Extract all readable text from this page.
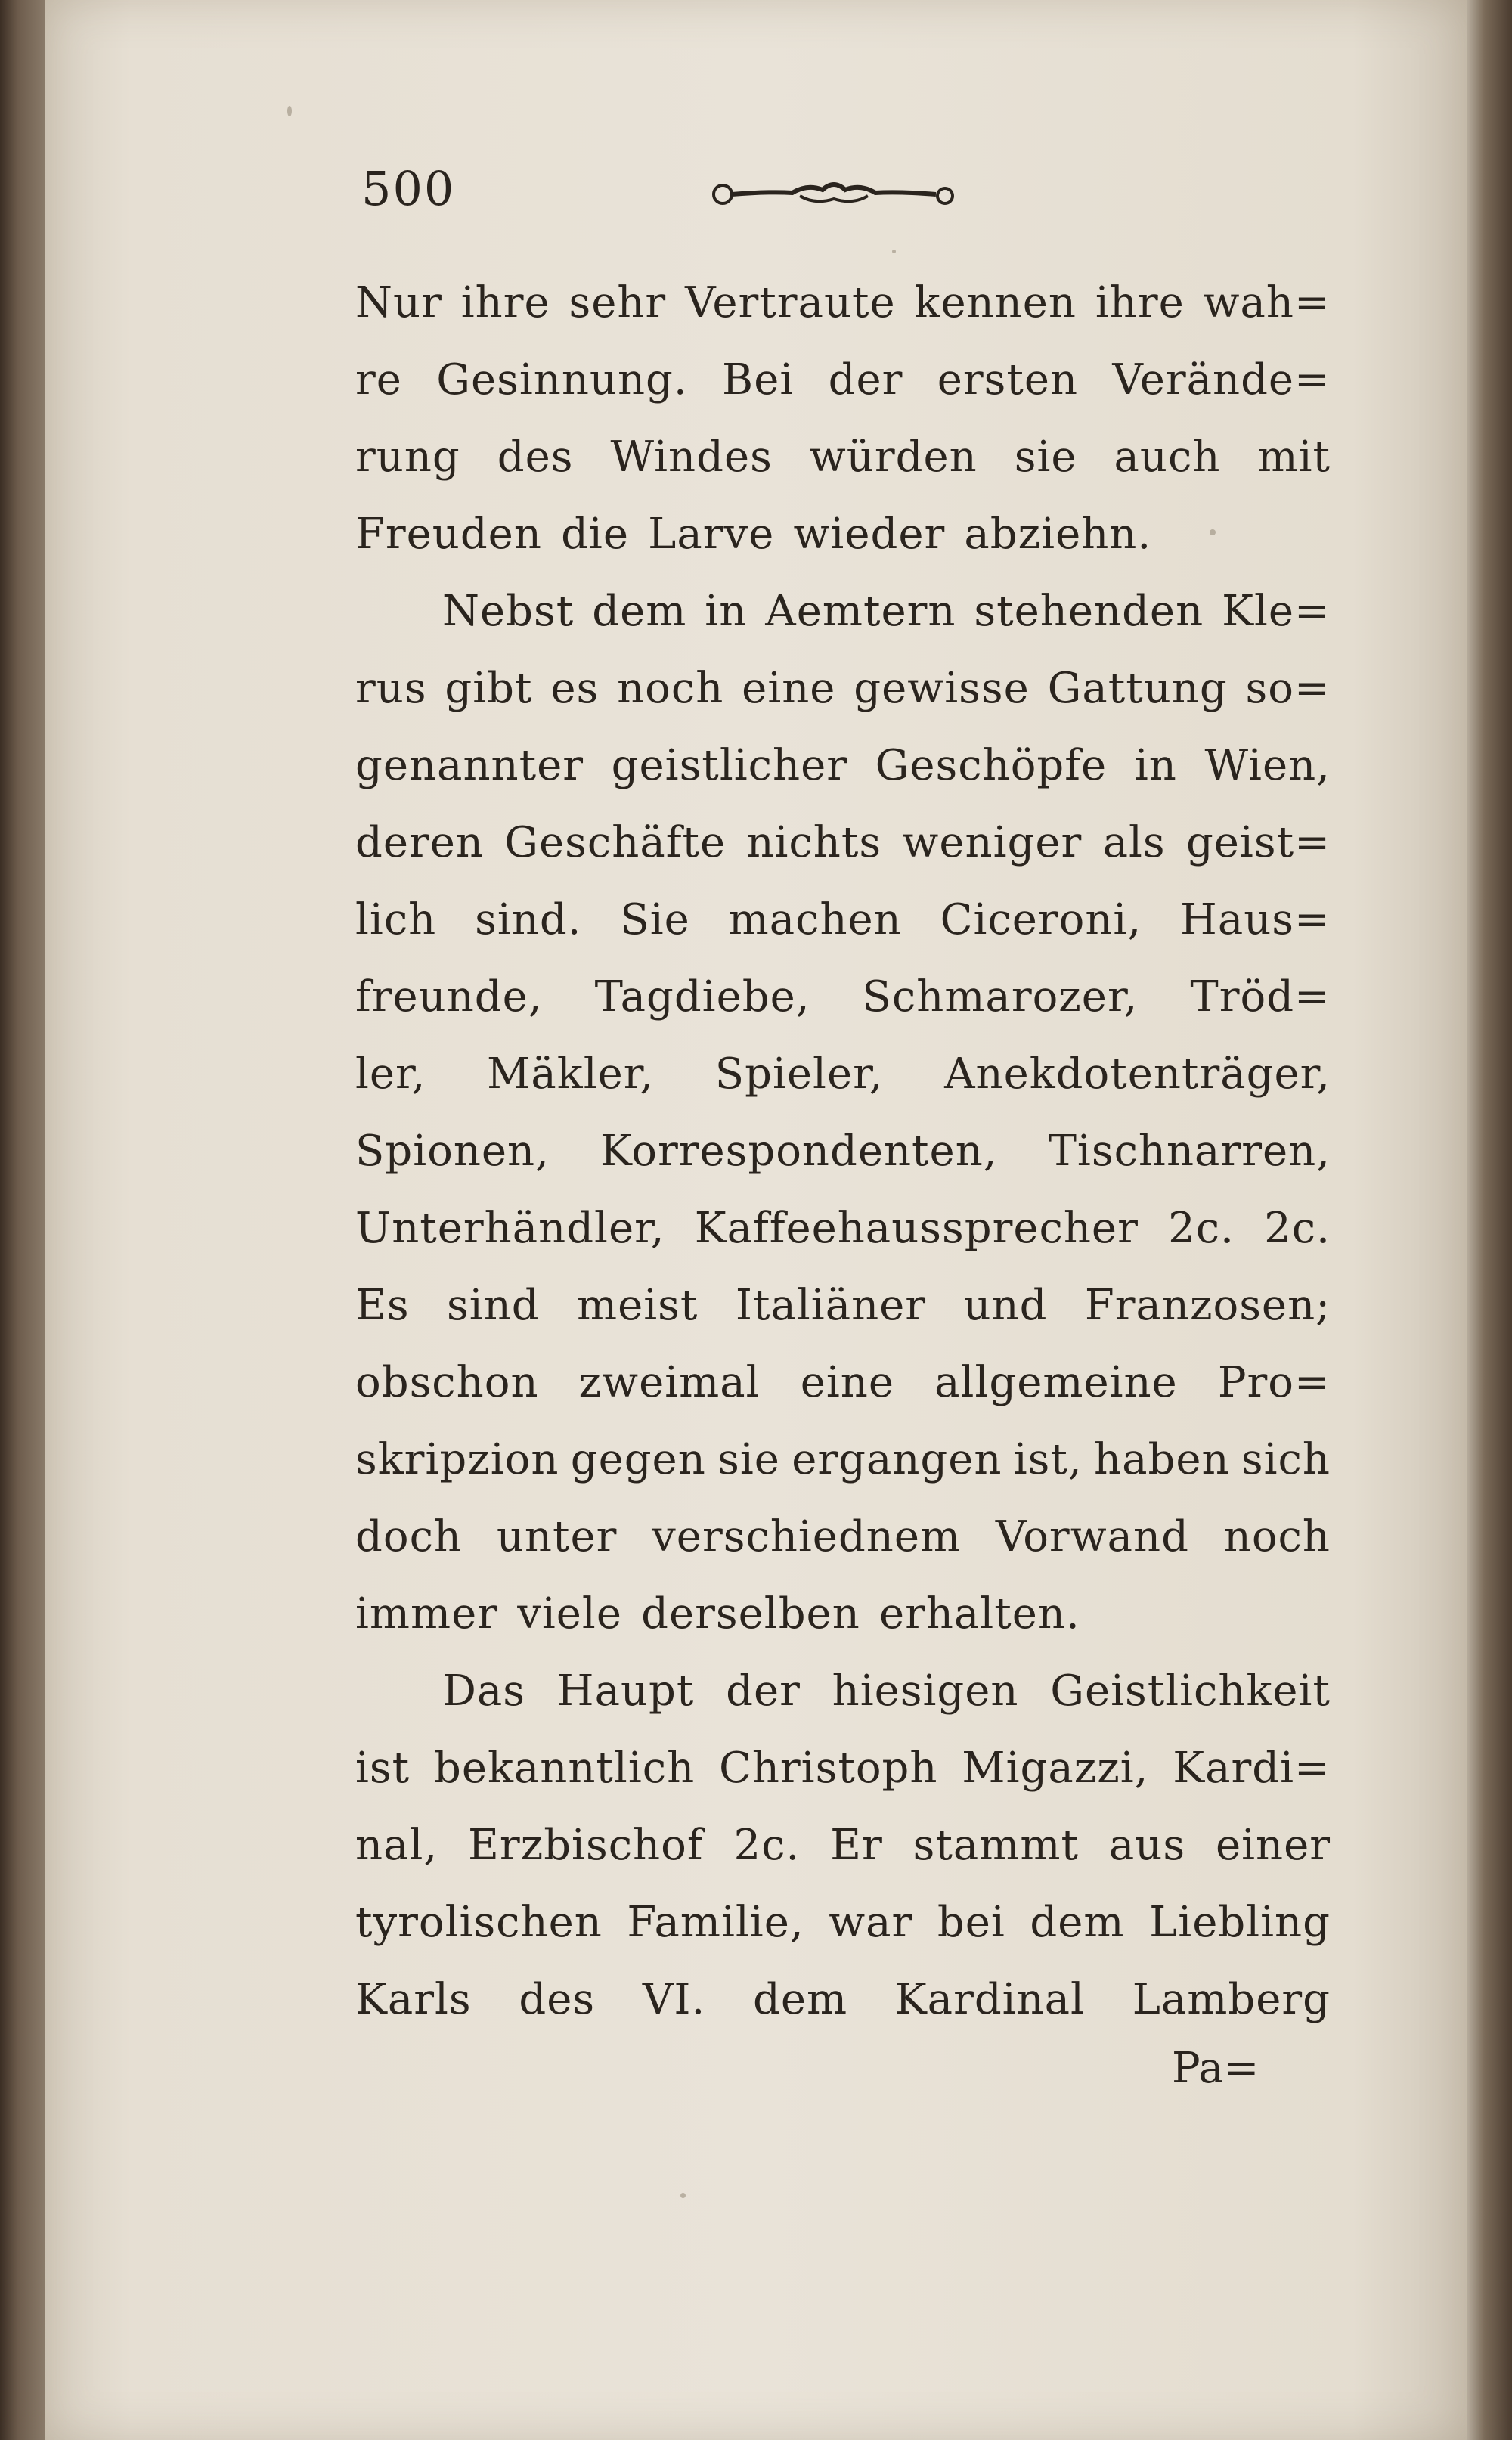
500
Nur ihre sehr Vertraute kennen ihre wah=
re Gesinnung. Bei der ersten Verände=
rung des Windes würden sie auch mit
Freuden die Larve wieder abziehn.
Nebst dem in Aemtern stehenden Kle=
rus gibt es noch eine gewisse Gattung so=
genannter geistlicher Geschöpfe in Wien,
deren Geschäfte nichts weniger als geist=
lich sind. Sie machen Ciceroni, Haus=
freunde, Tagdiebe, Schmarozer, Tröd=
ler, Mäkler, Spieler, Anekdotenträger,
Spionen, Korrespondenten, Tischnarren,
Unterhändler, Kaffeehaussprecher 2c. 2c.
Es sind meist Italiäner und Franzosen;
obschon zweimal eine allgemeine Pro=
skripzion gegen sie ergangen ist, haben sich
doch unter verschiednem Vorwand noch
immer viele derselben erhalten.
Das Haupt der hiesigen Geistlichkeit
ist bekanntlich Christoph Migazzi, Kardi=
nal, Erzbischof 2c. Er stammt aus einer
tyrolischen Familie, war bei dem Liebling
Karls des VI. dem Kardinal Lamberg
Pa=
